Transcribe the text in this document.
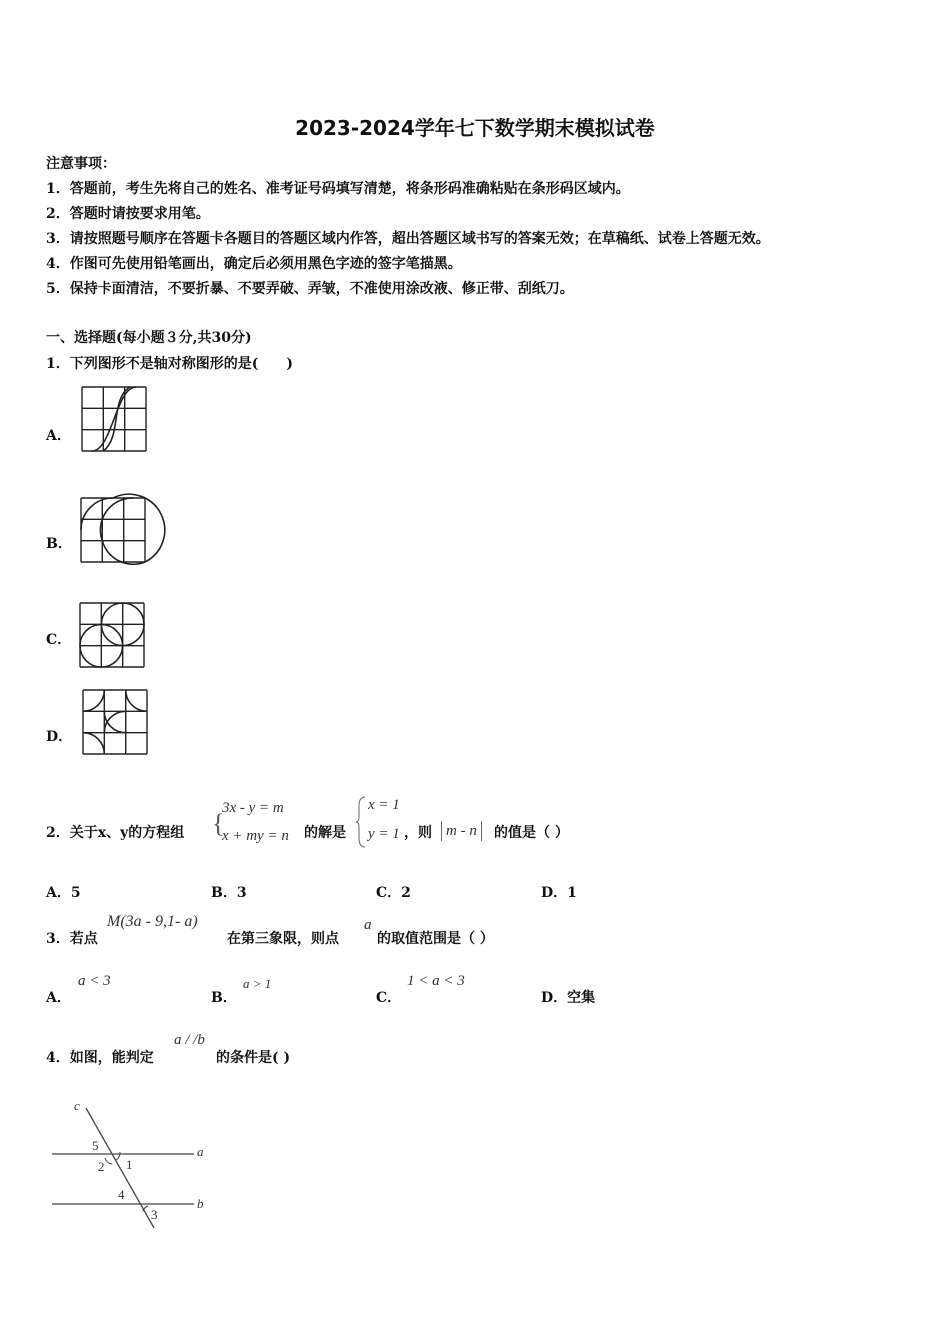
2023-2024学年七下数学期末模拟试卷
注意事项：
1．答题前，考生先将自己的姓名、准考证号码填写清楚，将条形码准确粘贴在条形码区域内。
2．答题时请按要求用笔。
3．请按照题号顺序在答题卡各题目的答题区域内作答，超出答题区域书写的答案无效；在草稿纸、试卷上答题无效。
4．作图可先使用铅笔画出，确定后必须用黑色字迹的签字笔描黑。
5．保持卡面清洁，不要折暴、不要弄破、弄皱，不准使用涂改液、修正带、刮纸刀。
一、选择题(每小题３分,共30分)
1．下列图形不是轴对称图形的是(　　)
A．
B．
C．
D．
2．关于x、y的方程组 {
3x - y = m
x + my = n 的解是
x = 1
y = 1 ，则 m - n	的值是（ ）
A．5	B．3	C．2	D．1
3．若点
M(3a - 9,1- a)
在第三象限，则点
a
的取值范围是（ ）
A．
a < 3
B．
a > 1
C．
1 < a < 3
D．空集
4．如图，能判定
a / /b
的条件是( )
c
a
b
5
2 1
4
3
